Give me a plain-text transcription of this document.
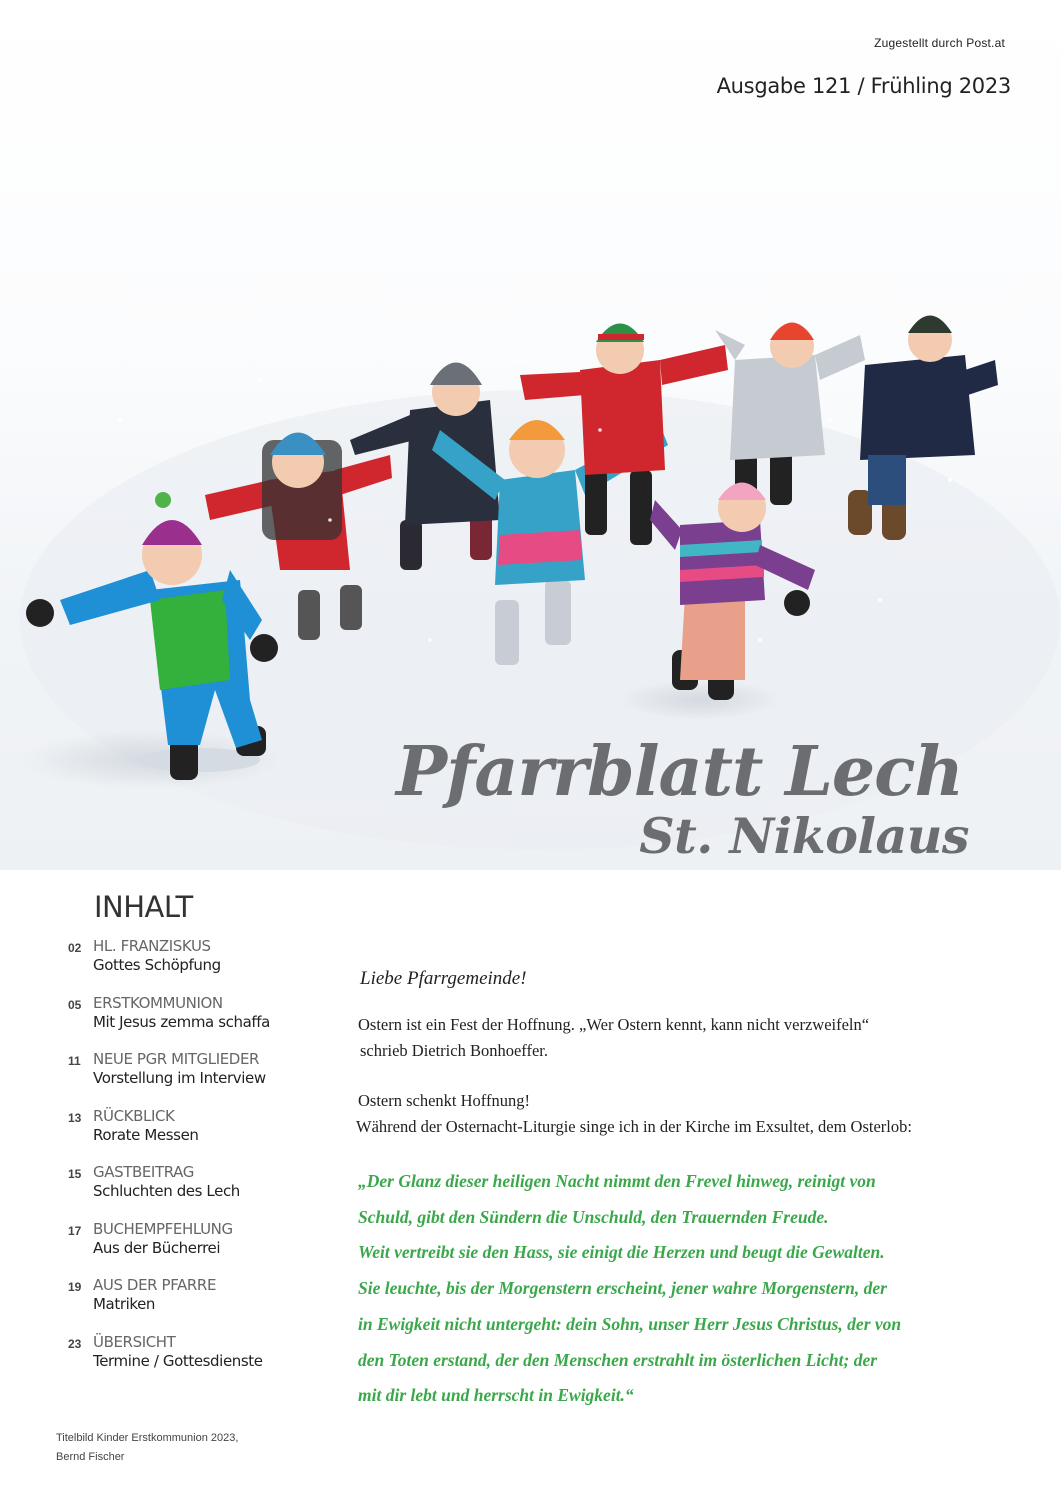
Zugestellt durch Post.at
Ausgabe 121 / Frühling 2023
Pfarrblatt Lech
St. Nikolaus
INHALT
02 HL. FRANZISKUS
Gottes Schöpfung
05 ERSTKOMMUNION
Mit Jesus zemma schaffa
11 NEUE PGR MITGLIEDER
Vorstellung im Interview
13 RÜCKBLICK
Rorate Messen
15 GASTBEITRAG
Schluchten des Lech
17 BUCHEMPFEHLUNG
Aus der Bücherrei
19 AUS DER PFARRE
Matriken
23 ÜBERSICHT
Termine / Gottesdienste
Titelbild Kinder Erstkommunion 2023,
Bernd Fischer
Liebe Pfarrgemeinde!

Ostern ist ein Fest der Hoffnung. „Wer Ostern kennt, kann nicht verzweifeln“

schrieb Dietrich Bonhoeffer.

Ostern schenkt Hoffnung!

Während der Osternacht-Liturgie singe ich in der Kirche im Exsultet, dem Osterlob:

„Der Glanz dieser heiligen Nacht nimmt den Frevel hinweg, reinigt von

Schuld, gibt den Sündern die Unschuld, den Trauernden Freude.

Weit vertreibt sie den Hass, sie einigt die Herzen und beugt die Gewalten.

Sie leuchte, bis der Morgenstern erscheint, jener wahre Morgenstern, der

in Ewigkeit nicht untergeht: dein Sohn, unser Herr Jesus Christus, der von

den Toten erstand, der den Menschen erstrahlt im österlichen Licht; der

mit dir lebt und herrscht in Ewigkeit.“
